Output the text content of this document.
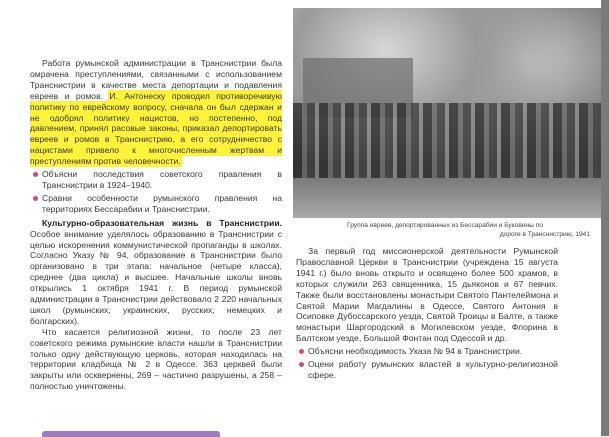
Работа румынской администрации в Транснистрии была омрачена преступлениями, связанными с использованием Транснистрии в качестве места депортации и подавления евреев и ромов. И. Антонеску проводил противоречивую политику по еврейскому вопросу, сначала он был сдержан и не одобрял политику нацистов, но постепенно, под давлением, принял расовые законы, приказал депортировать евреев и ромов в Транснистрию, а его сотрудничество с нацистами привело к многочисленным жертвам и преступлениям против человечности.

Объясни последствия советского правления в Транснистрии в 1924–1940.
Сравни особенности румынского правления на территориях Бессарабии и Транснистрии.

Культурно-образовательная жизнь в Транснистрии. Особое внимание уделялось образованию в Транснистрии с целью искоренения коммунистической пропаганды в школах. Согласно Указу № 94, образование в Транснистрии было организовано в три этапа: начальное (четыре класса), среднее (два цикла) и высшее. Начальные школы вновь открылись 1 октября 1941 г. В период румынской администрации в Транснистрии действовало 2 220 начальных школ (румынских, украинских, русских, немецких и болгарских).

Что касается религиозной жизни, то после 23 лет советского режима румынские власти нашли в Транснистрии только одну действующую церковь, которая находилась на территории кладбища № 2 в Одессе. 363 церквей были закрыты или осквернены, 269 – частично разрушены, а 258 – полностью уничтожены.

Группа евреев, депортированных из Бессарабии и Буковины по
дороге в Транснистрию, 1941

За первый год миссионерской деятельности Румынской Православной Церкви в Транснистрии (учреждена 15 августа 1941 г.) было вновь открыто и освящено более 500 храмов, в которых служили 263 священника, 15 дьяконов и 67 певчих. Также были восстановлены монастыри Святого Пантелеймона и Святой Марии Магдалины в Одессе, Святого Антония в Осиповке Дубоссарского уезда, Святой Троицы в Балте, а также монастыри Шаргородский в Могилевском уезде, Флорина в Балтском уезде, Большой Фонтан под Одессой и др.

Объясни необходимость Указа № 94 в Транснистрии.
Оцени работу румынских властей в культурно-религиозной сфере.
